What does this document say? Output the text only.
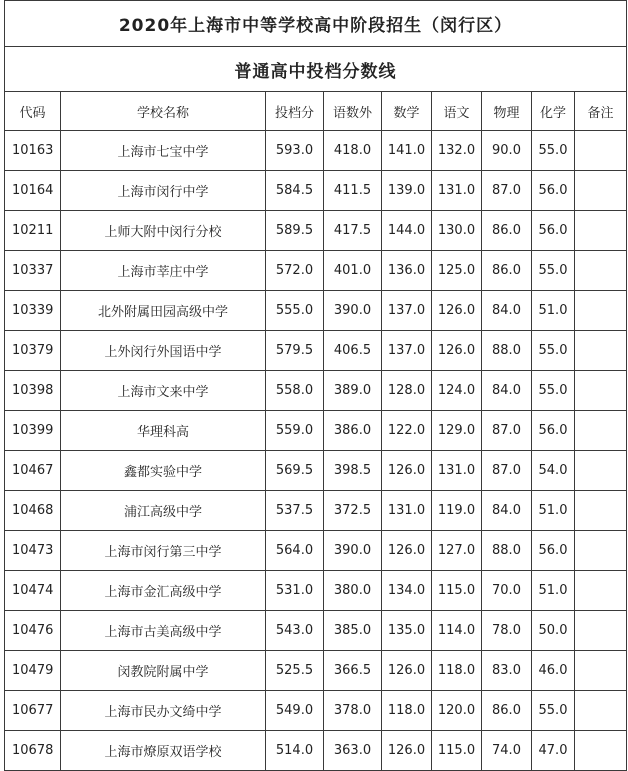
2020年上海市中等学校高中阶段招生（闵行区）								
普通高中投档分数线								
代码	学校名称	投档分	语数外	数学	语文	物理	化学	备注
10163	上海市七宝中学	593.0	418.0	141.0	132.0	90.0	55.0	
10164	上海市闵行中学	584.5	411.5	139.0	131.0	87.0	56.0	
10211	上师大附中闵行分校	589.5	417.5	144.0	130.0	86.0	56.0	
10337	上海市莘庄中学	572.0	401.0	136.0	125.0	86.0	55.0	
10339	北外附属田园高级中学	555.0	390.0	137.0	126.0	84.0	51.0	
10379	上外闵行外国语中学	579.5	406.5	137.0	126.0	88.0	55.0	
10398	上海市文来中学	558.0	389.0	128.0	124.0	84.0	55.0	
10399	华理科高	559.0	386.0	122.0	129.0	87.0	56.0	
10467	鑫都实验中学	569.5	398.5	126.0	131.0	87.0	54.0	
10468	浦江高级中学	537.5	372.5	131.0	119.0	84.0	51.0	
10473	上海市闵行第三中学	564.0	390.0	126.0	127.0	88.0	56.0	
10474	上海市金汇高级中学	531.0	380.0	134.0	115.0	70.0	51.0	
10476	上海市古美高级中学	543.0	385.0	135.0	114.0	78.0	50.0	
10479	闵教院附属中学	525.5	366.5	126.0	118.0	83.0	46.0	
10677	上海市民办文绮中学	549.0	378.0	118.0	120.0	86.0	55.0	
10678	上海市燎原双语学校	514.0	363.0	126.0	115.0	74.0	47.0	
